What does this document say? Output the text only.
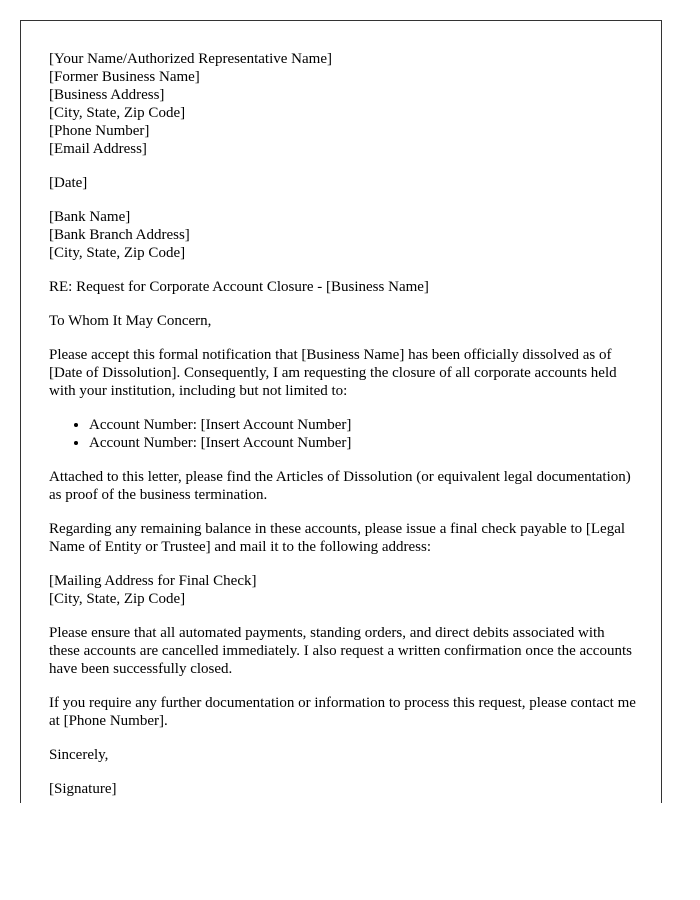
[Your Name/Authorized Representative Name]
[Former Business Name]
[Business Address]
[City, State, Zip Code]
[Phone Number]
[Email Address]

[Date]

[Bank Name]
[Bank Branch Address]
[City, State, Zip Code]

RE: Request for Corporate Account Closure - [Business Name]

To Whom It May Concern,

Please accept this formal notification that [Business Name] has been officially dissolved as of [Date of Dissolution]. Consequently, I am requesting the closure of all corporate accounts held with your institution, including but not limited to:

• Account Number: [Insert Account Number]
• Account Number: [Insert Account Number]

Attached to this letter, please find the Articles of Dissolution (or equivalent legal documentation) as proof of the business termination.

Regarding any remaining balance in these accounts, please issue a final check payable to [Legal Name of Entity or Trustee] and mail it to the following address:

[Mailing Address for Final Check]
[City, State, Zip Code]

Please ensure that all automated payments, standing orders, and direct debits associated with these accounts are cancelled immediately. I also request a written confirmation once the accounts have been successfully closed.

If you require any further documentation or information to process this request, please contact me at [Phone Number].

Sincerely,

[Signature]
